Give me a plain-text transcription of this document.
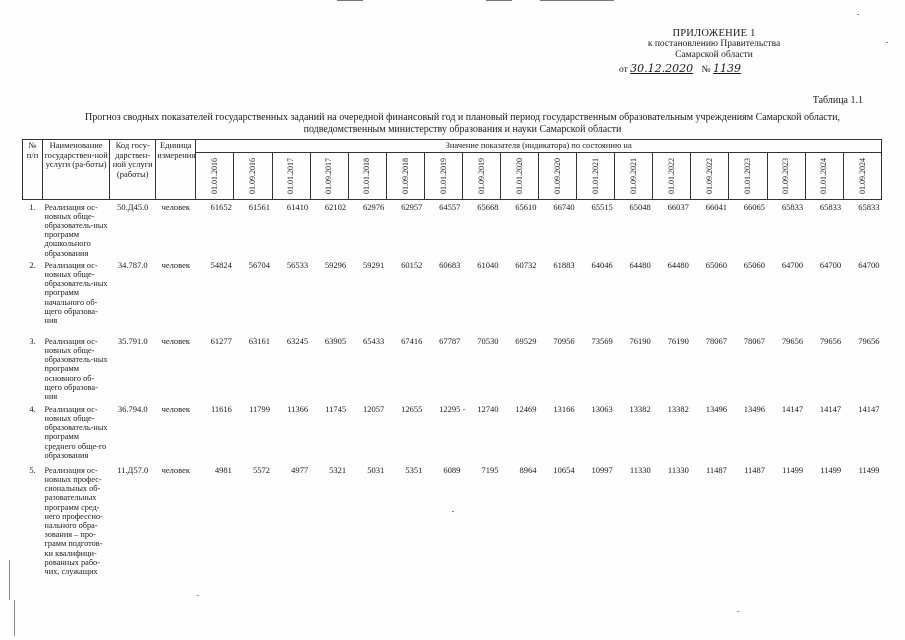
ПРИЛОЖЕНИЕ 1
к постановлению Правительства
Самарской области
от 30.12.2020 № 1139
Таблица 1.1
Прогноз сводных показателей государственных заданий на очередной финансовый год и плановый период государственным образовательным учреждениям Самарской области,
подведомственным министерству образования и науки Самарской области
№ п/п	Наименование государствен-ной услуги (ра-боты)	Код госу-дарствен-ной услуги (работы)	Единица измерения	Значение показателя (индикатора) по состоянию на																	

				01.01.2016	01.09.2016	01.01.2017	01.09.2017	01.01.2018	01.09.2018	01.01.2019	01.09.2019	01.01.2020	01.09.2020	01.01.2021	01.09.2021	01.01.2022	01.09.2022	01.01.2023	01.09.2023	01.01.2024	01.09.2024

1.	Реализация ос-новных обще-образователь-ных программ дошкольного образования	50.Д45.0	человек	61652	61561	61410	62102	62976	62957	64557	65668	65610	66740	65515	65048	66037	66041	66065	65833	65833	65833
2.	Реализация ос-новных обще-образователь-ных программ начального об-щего образова-ния	34.787.0	человек	54824	56704	56533	59296	59291	60152	60683	61040	60732	61883	64046	64480	64480	65060	65060	64700	64700	64700
3.	Реализация ос-новных обще-образователь-ных программ основного об-щего образова-ния	35.791.0	человек	61277	63161	63245	63905	65433	67416	67787	70530	69529	70956	73569	76190	76190	78067	78067	79656	79656	79656
4.	Реализация ос-новных обще-образователь-ных программ среднего обще-го образования	36.794.0	человек	11616	11799	11366	11745	12057	12655	12295	12740	12469	13166	13063	13382	13382	13496	13496	14147	14147	14147
5.	Реализация ос-новных профес-сиональных об-разовательных программ сред-него профессио-нального обра-зования – про-грамм подготов-ки квалифици-рованных рабо-чих, служащих	11.Д57.0	человек	4981	5572	4977	5321	5031	5351	6089	7195	8964	10654	10997	11330	11330	11487	11487	11499	11499	11499
